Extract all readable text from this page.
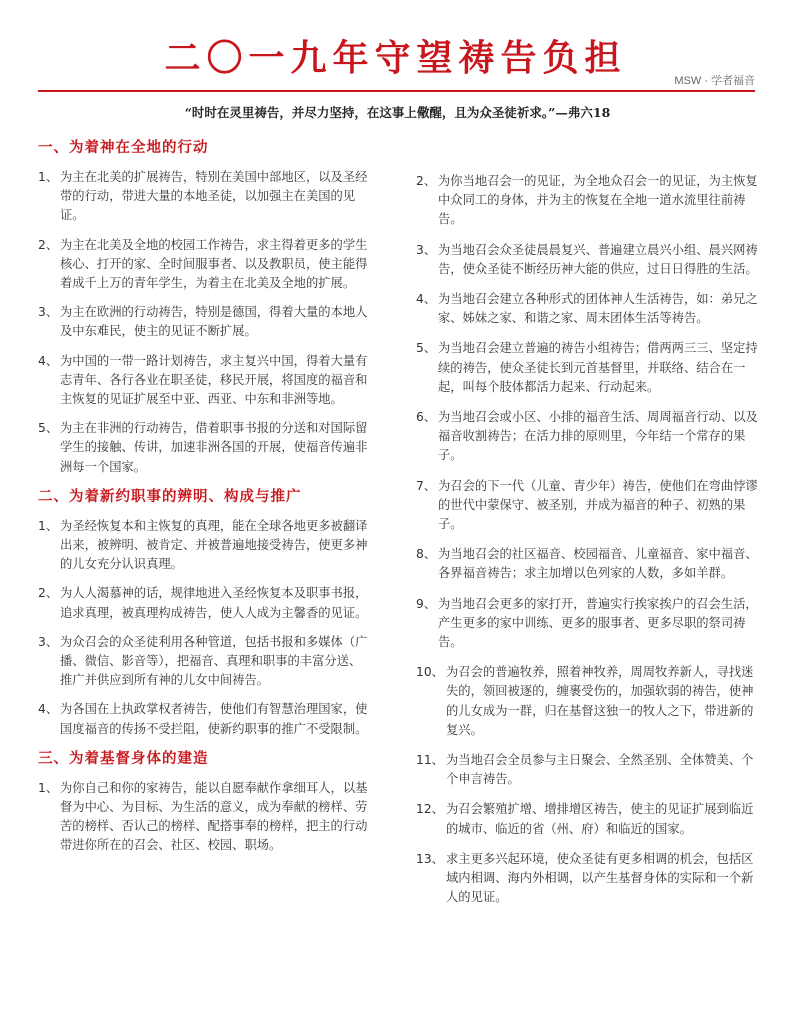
二〇一九年守望祷告负担
MSW · 学者福音
“时时在灵里祷告，并尽力坚持，在这事上儆醒，且为众圣徒祈求。”—弗六18
一、为着神在全地的行动
1、 为主在北美的扩展祷告，特别在美国中部地区，以及圣经带的行动，带进大量的本地圣徒，以加强主在美国的见证。
2、 为主在北美及全地的校园工作祷告，求主得着更多的学生核心、打开的家、全时间服事者、以及教职员，使主能得着成千上万的青年学生，为着主在北美及全地的扩展。
3、 为主在欧洲的行动祷告，特别是德国，得着大量的本地人及中东难民，使主的见证不断扩展。
4、 为中国的一带一路计划祷告，求主复兴中国，得着大量有志青年、各行各业在职圣徒，移民开展，将国度的福音和主恢复的见证扩展至中亚、西亚、中东和非洲等地。
5、 为主在非洲的行动祷告，借着职事书报的分送和对国际留学生的接触、传讲，加速非洲各国的开展，使福音传遍非洲每一个国家。
二、为着新约职事的辨明、构成与推广
1、 为圣经恢复本和主恢复的真理，能在全球各地更多被翻译出来，被辨明、被肯定、并被普遍地接受祷告，使更多神的儿女充分认识真理。
2、 为人人渴慕神的话，规律地进入圣经恢复本及职事书报，追求真理，被真理构成祷告，使人人成为主馨香的见证。
3、 为众召会的众圣徒利用各种管道，包括书报和多媒体（广播、微信、影音等），把福音、真理和职事的丰富分送、推广并供应到所有神的儿女中间祷告。
4、 为各国在上执政掌权者祷告，使他们有智慧治理国家，使国度福音的传扬不受拦阻，使新约职事的推广不受限制。
三、为着基督身体的建造
1、 为你自己和你的家祷告，能以自愿奉献作拿细耳人，以基督为中心、为目标、为生活的意义，成为奉献的榜样、劳苦的榜样、否认己的榜样、配搭事奉的榜样，把主的行动带进你所在的召会、社区、校园、职场。
2、 为你当地召会一的见证，为全地众召会一的见证，为主恢复中众同工的身体，并为主的恢复在全地一道水流里往前祷告。
3、 为当地召会众圣徒晨晨复兴、普遍建立晨兴小组、晨兴网祷告，使众圣徒不断经历神大能的供应，过日日得胜的生活。
4、 为当地召会建立各种形式的团体神人生活祷告，如：弟兄之家、姊妹之家、和谐之家、周末团体生活等祷告。
5、 为当地召会建立普遍的祷告小组祷告；借两两三三、坚定持续的祷告，使众圣徒长到元首基督里，并联络、结合在一起，叫每个肢体都活力起来、行动起来。
6、 为当地召会或小区、小排的福音生活、周周福音行动、以及福音收割祷告；在活力排的原则里，今年结一个常存的果子。
7、 为召会的下一代（儿童、青少年）祷告，使他们在弯曲悖谬的世代中蒙保守、被圣别，并成为福音的种子、初熟的果子。
8、 为当地召会的社区福音、校园福音、儿童福音、家中福音、各界福音祷告；求主加增以色列家的人数，多如羊群。
9、 为当地召会更多的家打开，普遍实行挨家挨户的召会生活，产生更多的家中训练、更多的服事者、更多尽职的祭司祷告。
10、 为召会的普遍牧养，照着神牧养，周周牧养新人，寻找迷失的，领回被逐的，缠裹受伤的，加强软弱的祷告，使神的儿女成为一群，归在基督这独一的牧人之下，带进新的复兴。
11、 为当地召会全员参与主日聚会、全然圣别、全体赞美、个个申言祷告。
12、 为召会繁殖扩增、增排增区祷告，使主的见证扩展到临近的城市、临近的省（州、府）和临近的国家。
13、 求主更多兴起环境，使众圣徒有更多相调的机会，包括区域内相调、海内外相调，以产生基督身体的实际和一个新人的见证。
